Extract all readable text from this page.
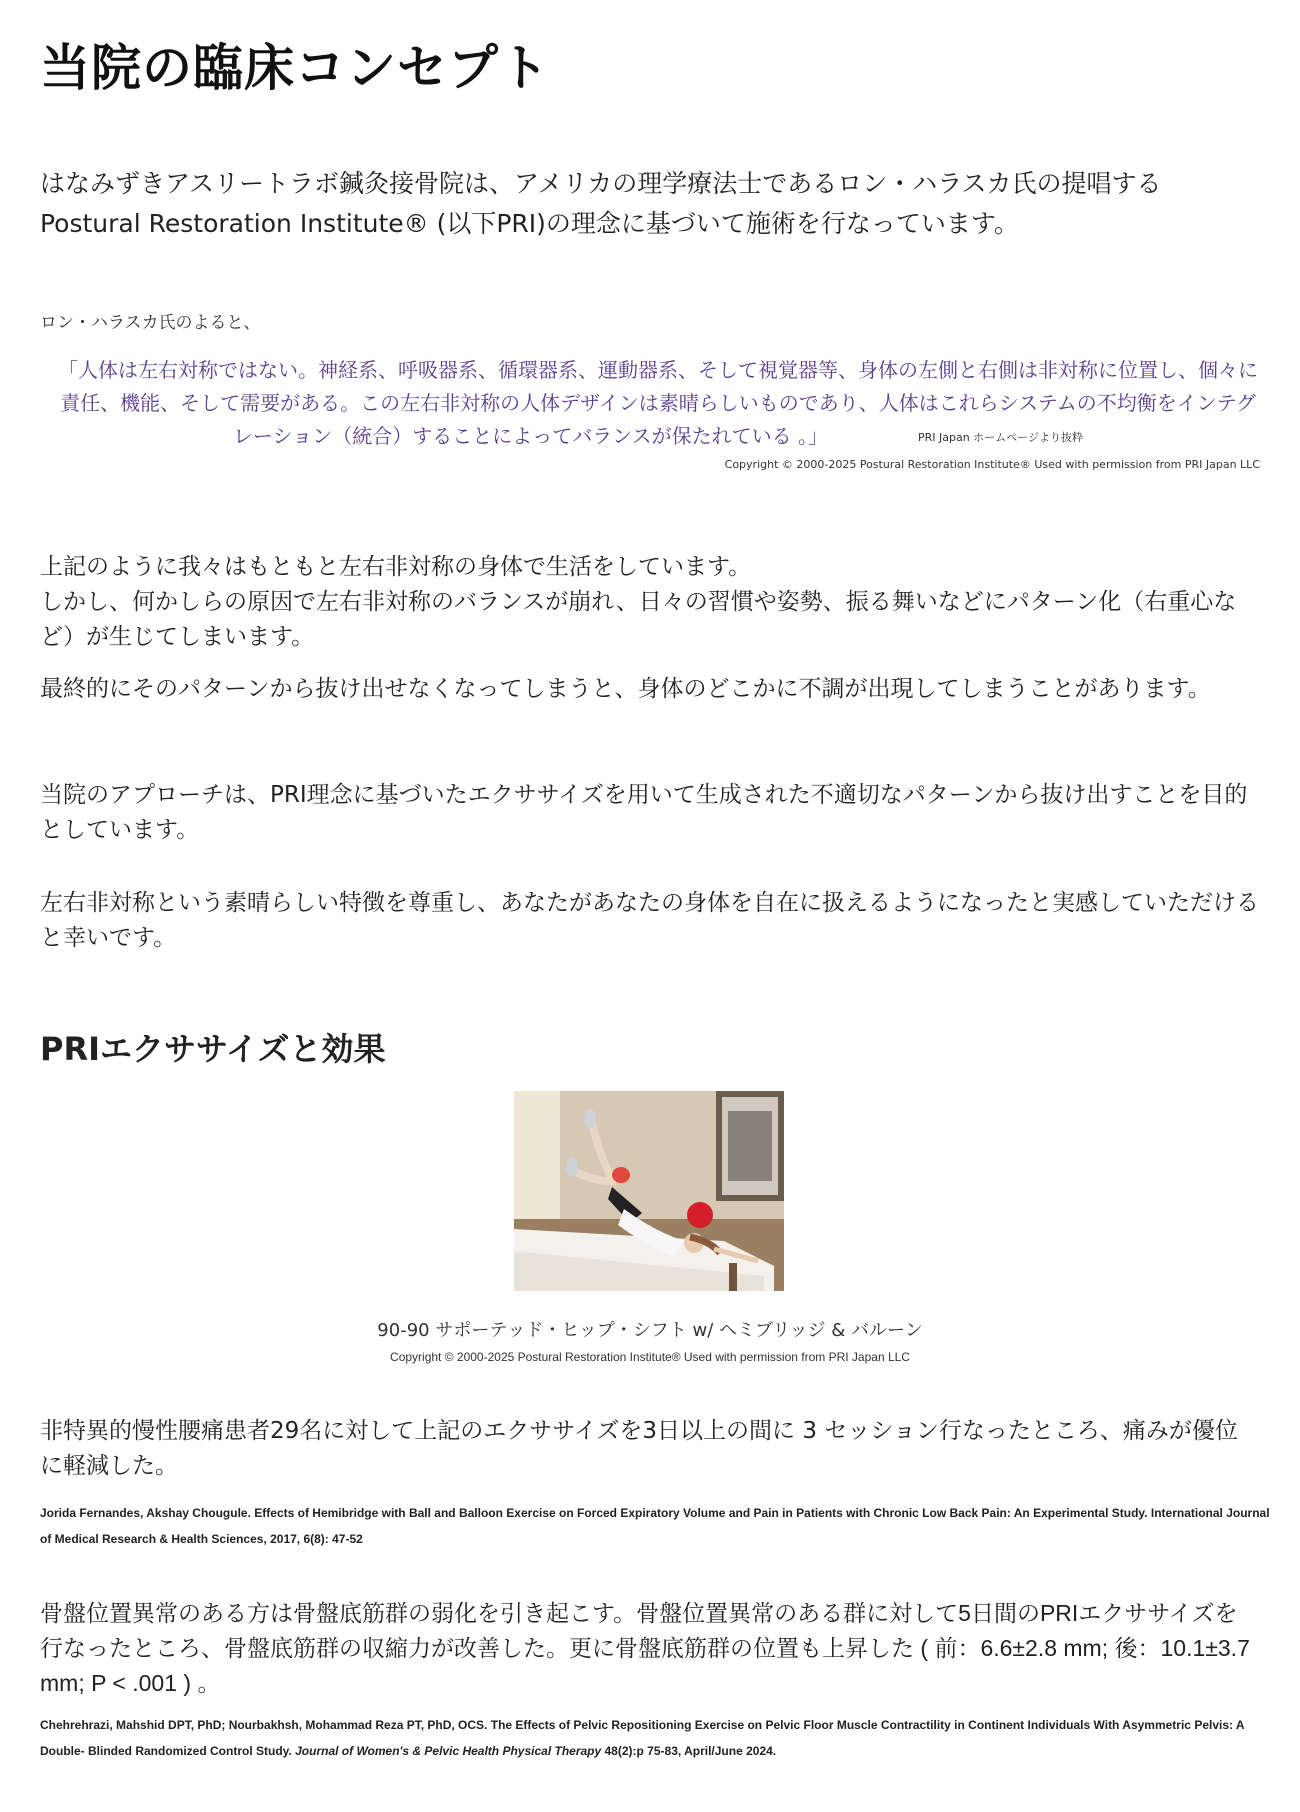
当院の臨床コンセプト

はなみずきアスリートラボ鍼灸接骨院は、アメリカの理学療法士であるロン・ハラスカ氏の提唱するPostural Restoration Institute® (以下PRI)の理念に基づいて施術を行なっています。

ロン・ハラスカ氏のよると、

「人体は左右対称ではない。神経系、呼吸器系、循環器系、運動器系、そして視覚器等、身体の左側と右側は非対称に位置し、個々に責任、機能、そして需要がある。この左右非対称の人体デザインは素晴らしいものであり、人体はこれらシステムの不均衡をインテグレーション（統合）することによってバランスが保たれている 。」	PRI Japan ホームページより抜粋

Copyright © 2000-2025 Postural Restoration Institute® Used with permission from PRI Japan LLC

上記のように我々はもともと左右非対称の身体で生活をしています。
しかし、何かしらの原因で左右非対称のバランスが崩れ、日々の習慣や姿勢、振る舞いなどにパターン化（右重心など）が生じてしまいます。

最終的にそのパターンから抜け出せなくなってしまうと、身体のどこかに不調が出現してしまうことがあります。

当院のアプローチは、PRI理念に基づいたエクササイズを用いて生成された不適切なパターンから抜け出すことを目的としています。

左右非対称という素晴らしい特徴を尊重し、あなたがあなたの身体を自在に扱えるようになったと実感していただけると幸いです。

PRIエクササイズと効果

90-90 サポーテッド・ヒップ・シフト w/ ヘミブリッジ & バルーン

Copyright © 2000-2025 Postural Restoration Institute® Used with permission from PRI Japan LLC

非特異的慢性腰痛患者29名に対して上記のエクササイズを3日以上の間に 3 セッション行なったところ、痛みが優位に軽減した。

Jorida Fernandes, Akshay Chougule. Effects of Hemibridge with Ball and Balloon Exercise on Forced Expiratory Volume and Pain in Patients with Chronic Low Back Pain: An Experimental Study. International Journal of Medical Research & Health Sciences, 2017, 6(8): 47-52

骨盤位置異常のある方は骨盤底筋群の弱化を引き起こす。骨盤位置異常のある群に対して5日間のPRIエクササイズを行なったところ、骨盤底筋群の収縮力が改善した。更に骨盤底筋群の位置も上昇した ( 前：6.6±2.8 mm; 後：10.1±3.7 mm; P < .001 ) 。

Chehrehrazi, Mahshid DPT, PhD; Nourbakhsh, Mohammad Reza PT, PhD, OCS. The Effects of Pelvic Repositioning Exercise on Pelvic Floor Muscle Contractility in Continent Individuals With Asymmetric Pelvis: A Double- Blinded Randomized Control Study. Journal of Women's & Pelvic Health Physical Therapy 48(2):p 75-83, April/June 2024.
